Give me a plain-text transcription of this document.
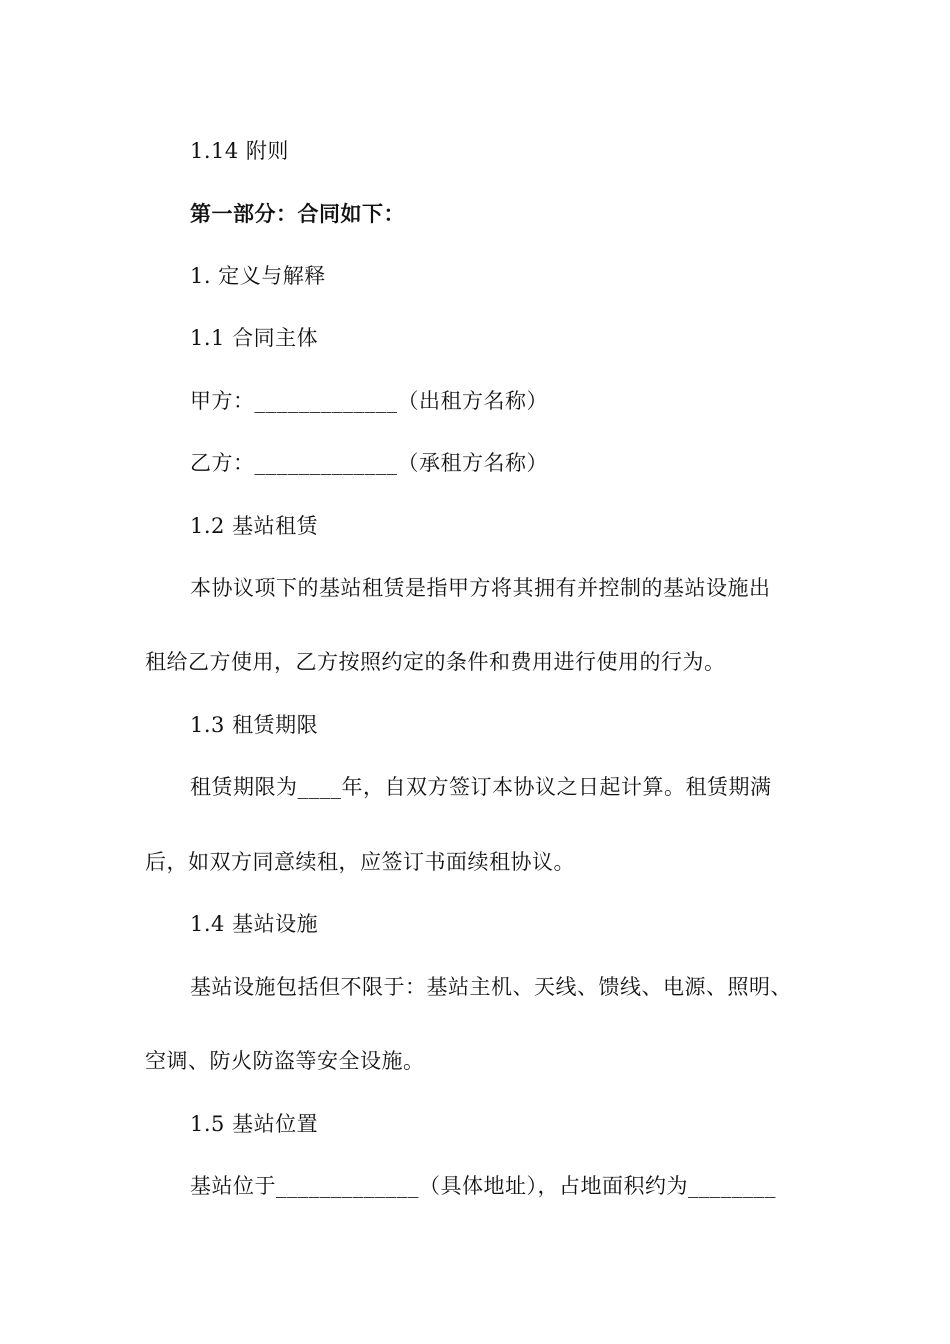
1.14 附则
第一部分：合同如下：
1. 定义与解释
1.1 合同主体
甲方：_____________（出租方名称）
乙方：_____________（承租方名称）
1.2 基站租赁
本协议项下的基站租赁是指甲方将其拥有并控制的基站设施出
租给乙方使用，乙方按照约定的条件和费用进行使用的行为。
1.3 租赁期限
租赁期限为____年，自双方签订本协议之日起计算。租赁期满
后，如双方同意续租，应签订书面续租协议。
1.4 基站设施
基站设施包括但不限于：基站主机、天线、馈线、电源、照明、
空调、防火防盗等安全设施。
1.5 基站位置
基站位于_____________（具体地址），占地面积约为________
